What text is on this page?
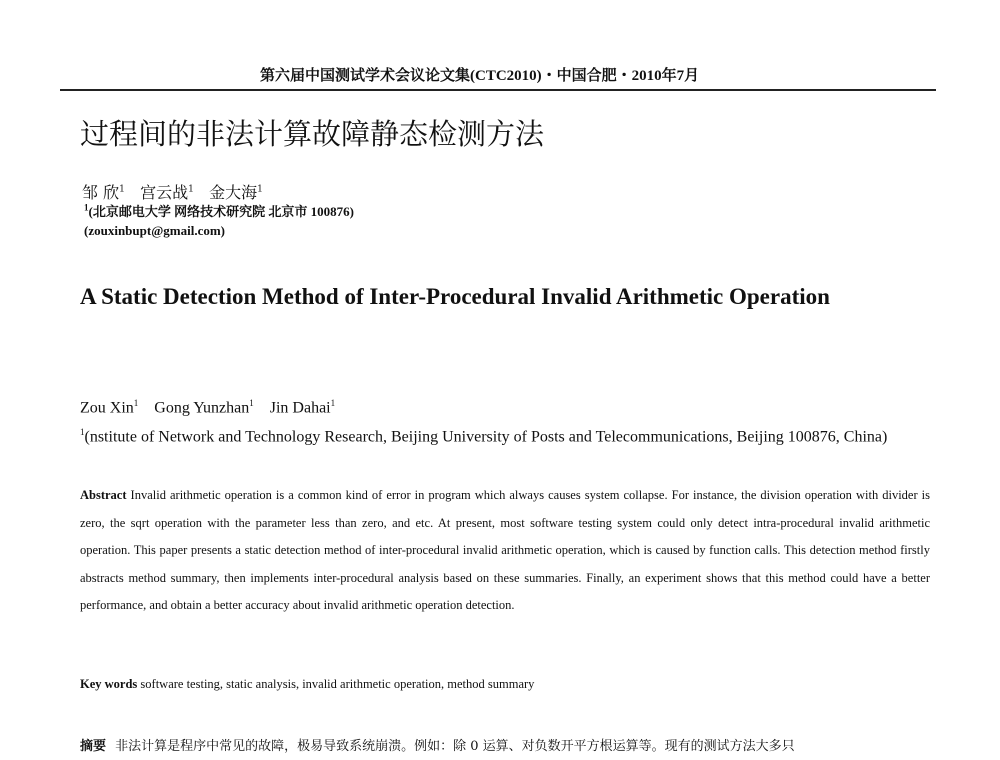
第六届中国测试学术会议论文集(CTC2010)・中国合肥・2010年7月
过程间的非法计算故障静态检测方法
邹 欣$^1$ 宫云战$^1$ 金大海$^1$
$^1$(北京邮电大学 网络技术研究院 北京市 100876)
(zouxinbupt@gmail.com)
A Static Detection Method of Inter-Procedural Invalid Arithmetic Operation
Zou Xin$^1$ Gong Yunzhan$^1$ Jin Dahai$^1$
$^1$(nstitute of Network and Technology Research, Beijing University of Posts and Telecommunications, Beijing 100876, China)
Abstract Invalid arithmetic operation is a common kind of error in program which always causes system collapse. For instance, the division operation with divider is zero, the sqrt operation with the parameter less than zero, and etc. At present, most software testing system could only detect intra-procedural invalid arithmetic operation. This paper presents a static detection method of inter-procedural invalid arithmetic operation, which is caused by function calls. This detection method firstly abstracts method summary, then implements inter-procedural analysis based on these summaries. Finally, an experiment shows that this method could have a better performance, and obtain a better accuracy about invalid arithmetic operation detection.
Key words software testing, static analysis, invalid arithmetic operation, method summary
摘要 非法计算是程序中常见的故障，极易导致系统崩溃。例如：除 0 运算、对负数开平方根运算等。现有的测试方法大多只
